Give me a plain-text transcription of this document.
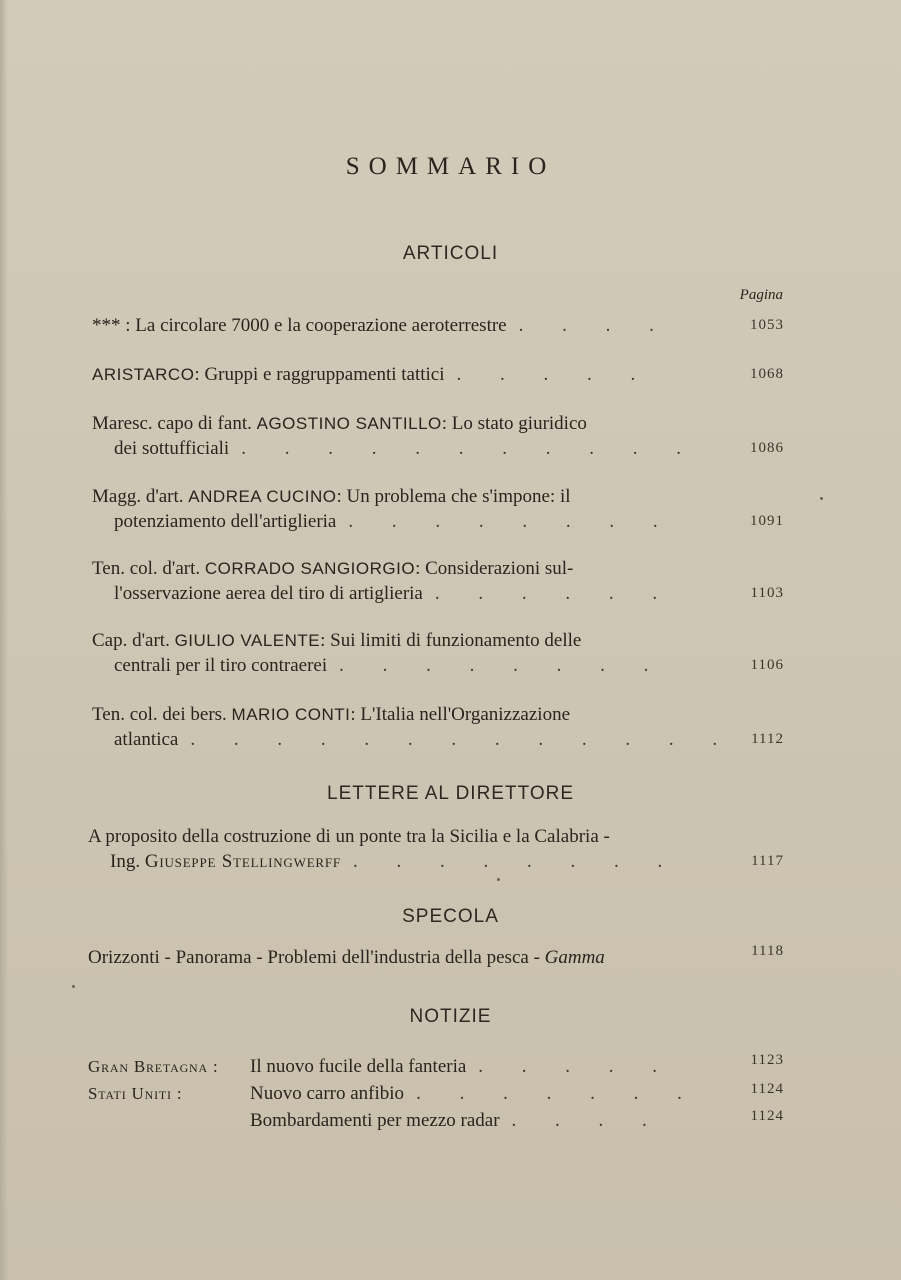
SOMMARIO
ARTICOLI
Pagina
*** : La circolare 7000 e la cooperazione aeroterrestre . . . .	1053
ARISTARCO: Gruppi e raggruppamenti tattici . . . . .	1068
Maresc. capo di fant. AGOSTINO SANTILLO: Lo stato giuridico
dei sottufficiali . . . . . . . . . . .	1086
Magg. d'art. ANDREA CUCINO: Un problema che s'impone: il
potenziamento dell'artiglieria . . . . . . . .	1091
Ten. col. d'art. CORRADO SANGIORGIO: Considerazioni sul-
l'osservazione aerea del tiro di artiglieria . . . . . .	1103
Cap. d'art. GIULIO VALENTE: Sui limiti di funzionamento delle
centrali per il tiro contraerei . . . . . . . .	1106
Ten. col. dei bers. MARIO CONTI: L'Italia nell'Organizzazione
atlantica . . . . . . . . . . . . .	1112
LETTERE AL DIRETTORE
A proposito della costruzione di un ponte tra la Sicilia e la Calabria -
Ing. Giuseppe Stellingwerff . . . . . . . .	1117
SPECOLA
Orizzonti - Panorama - Problemi dell'industria della pesca - Gamma	1118
NOTIZIE
Gran Bretagna : Il nuovo fucile della fanteria . . . . .	1123
Stati Uniti :	Nuovo carro anfibio . . . . . . .	1124
Bombardamenti per mezzo radar . . . .	1124
